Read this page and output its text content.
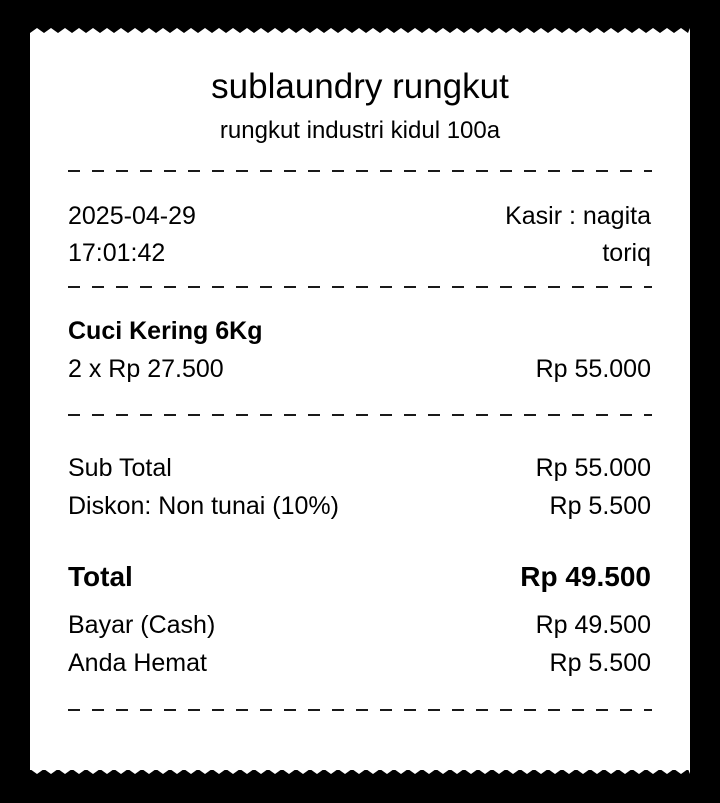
sublaundry rungkut
rungkut industri kidul 100a
2025-04-29	Kasir : nagita
17:01:42	toriq
Cuci Kering 6Kg
2 x Rp 27.500	Rp 55.000
Sub Total	Rp 55.000
Diskon: Non tunai (10%)	Rp 5.500
Total	Rp 49.500
Bayar (Cash)	Rp 49.500
Anda Hemat	Rp 5.500
